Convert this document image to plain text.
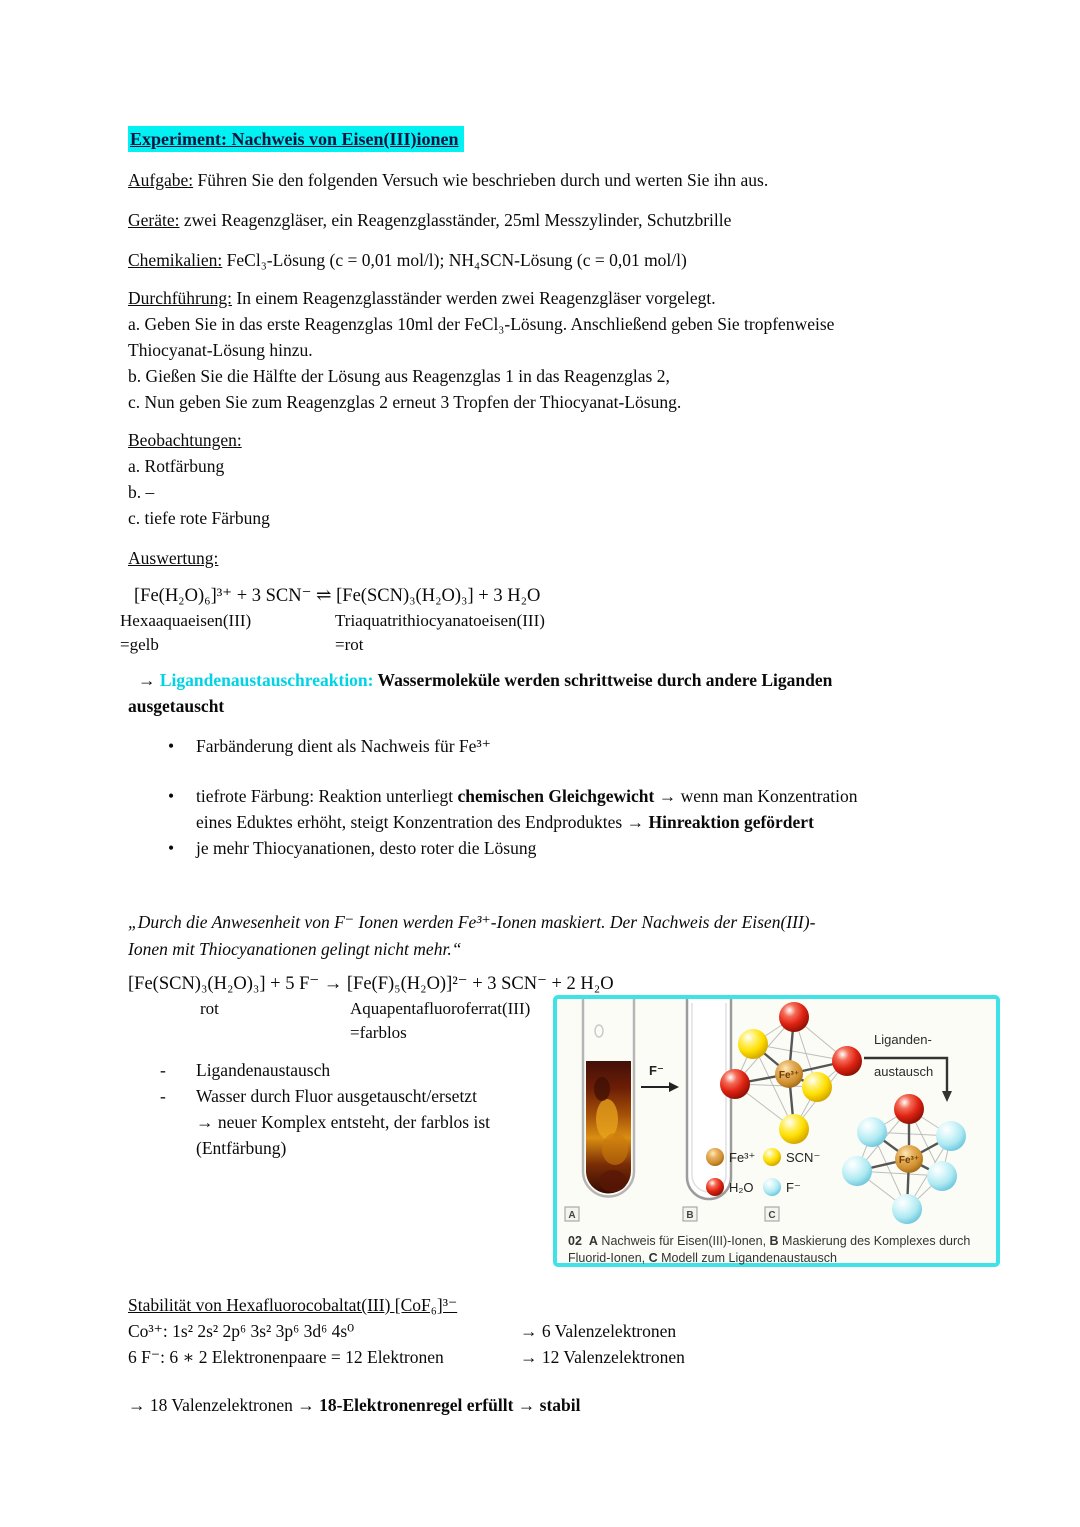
Experiment: Nachweis von Eisen(III)ionen
Aufgabe: Führen Sie den folgenden Versuch wie beschrieben durch und werten Sie ihn aus.
Geräte: zwei Reagenzgläser, ein Reagenzglasständer, 25ml Messzylinder, Schutzbrille
Chemikalien: FeCl₃-Lösung (c = 0,01 mol/l); NH₄SCN-Lösung (c = 0,01 mol/l)
Durchführung: In einem Reagenzglasständer werden zwei Reagenzgläser vorgelegt.
a. Geben Sie in das erste Reagenzglas 10ml der FeCl₃-Lösung. Anschließend geben Sie tropfenweise
Thiocyanat-Lösung hinzu.
b. Gießen Sie die Hälfte der Lösung aus Reagenzglas 1 in das Reagenzglas 2,
c. Nun geben Sie zum Reagenzglas 2 erneut 3 Tropfen der Thiocyanat-Lösung.
Beobachtungen:
a. Rotfärbung
b. –
c. tiefe rote Färbung
Auswertung:
[Fe(H₂O)₆]³⁺ + 3 SCN⁻ ⇌ [Fe(SCN)₃(H₂O)₃] + 3 H₂O
Hexaaquaeisen(III)	Triaquatrithiocyanatoeisen(III)
=gelb	=rot
→ Ligandenaustauschreaktion: Wassermoleküle werden schrittweise durch andere Liganden
ausgetauscht
•	Farbänderung dient als Nachweis für Fe³⁺
•	tiefrote Färbung: Reaktion unterliegt chemischen Gleichgewicht → wenn man Konzentration
eines Eduktes erhöht, steigt Konzentration des Endproduktes → Hinreaktion gefördert
•	je mehr Thiocyanationen, desto roter die Lösung
„Durch die Anwesenheit von F⁻ Ionen werden Fe³⁺-Ionen maskiert. Der Nachweis der Eisen(III)-
Ionen mit Thiocyanationen gelingt nicht mehr.“
[Fe(SCN)₃(H₂O)₃] + 5 F⁻ → [Fe(F)₅(H₂O)]²⁻ + 3 SCN⁻ + 2 H₂O
rot	Aquapentafluoroferrat(III)
=farblos
-	Ligandenaustausch
-	Wasser durch Fluor ausgetauscht/ersetzt
→ neuer Komplex entsteht, der farblos ist
(Entfärbung)
Stabilität von Hexafluorocobaltat(III) [CoF₆]³⁻
Co³⁺: 1s² 2s² 2p⁶ 3s² 3p⁶ 3d⁶ 4s⁰	→ 6 Valenzelektronen
6 F⁻: 6 ∗ 2 Elektronenpaare = 12 Elektronen	→ 12 Valenzelektronen
→ 18 Valenzelektronen → 18-Elektronenregel erfüllt → stabil
F⁻	Fe³⁺
Liganden-
austausch
Fe³⁺
Fe³⁺ SCN⁻
H₂O F⁻
A	B	C
02 A Nachweis für Eisen(III)-Ionen, B Maskierung des Komplexes durch Fluorid-Ionen, C Modell zum Ligandenaustausch
